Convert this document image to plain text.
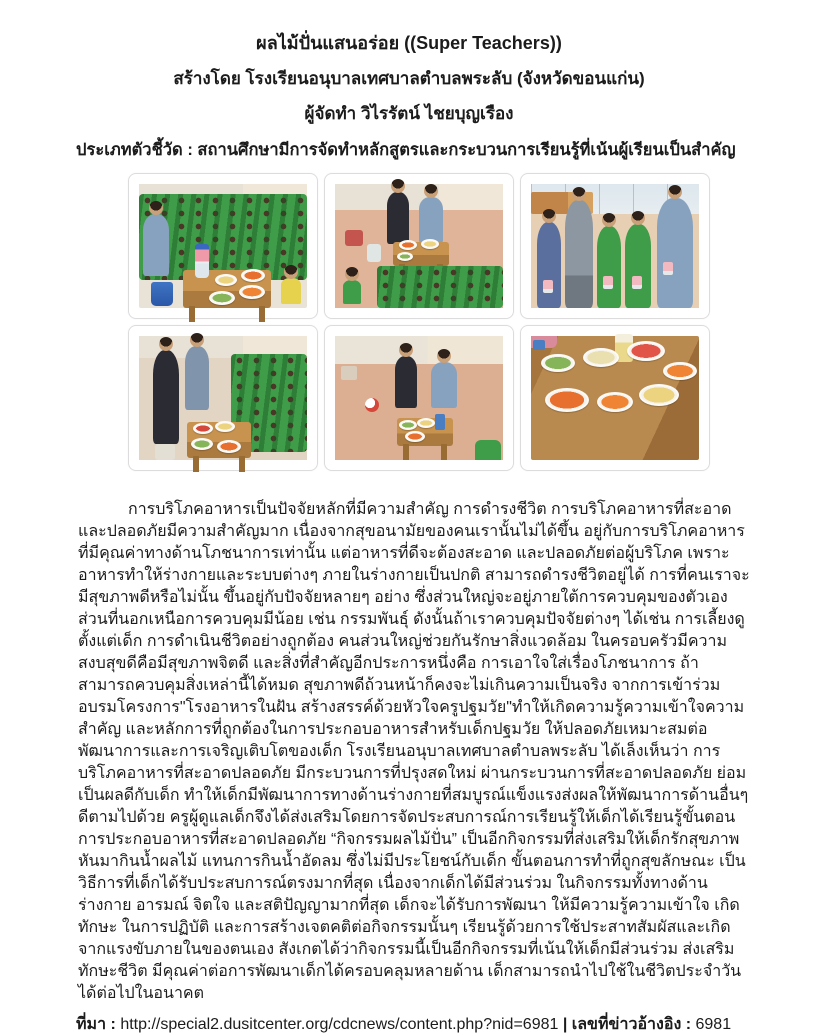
ผลไม้ปั่นแสนอร่อย ((Super Teachers))
สร้างโดย โรงเรียนอนุบาลเทศบาลตำบลพระลับ (จังหวัดขอนแก่น)
ผู้จัดทำ วิไรรัตน์ ไชยบุญเรือง
ประเภทตัวชี้วัด : สถานศึกษามีการจัดทำหลักสูตรและกระบวนการเรียนรู้ที่เน้นผู้เรียนเป็นสำคัญ

การบริโภคอาหารเป็นปัจจัยหลักที่มีความสำคัญ การดำรงชีวิต การบริโภคอาหารที่สะอาด และปลอดภัยมีความสำคัญมาก เนื่องจากสุขอนามัยของคนเรานั้นไม่ได้ขึ้น อยู่กับการบริโภคอาหารที่มีคุณค่าทางด้านโภชนาการเท่านั้น แต่อาหารที่ดีจะต้องสะอาด และปลอดภัยต่อผู้บริโภค เพราะอาหารทำให้ร่างกายและระบบต่างๆ ภายในร่างกายเป็นปกติ สามารถดำรงชีวิตอยู่ได้ การที่คนเราจะมีสุขภาพดีหรือไม่นั้น ขึ้นอยู่กับปัจจัยหลายๆ อย่าง ซึ่งส่วนใหญ่จะอยู่ภายใต้การควบคุมของตัวเอง ส่วนที่นอกเหนือการควบคุมมีน้อย เช่น กรรมพันธุ์ ดังนั้นถ้าเราควบคุมปัจจัยต่างๆ ได้เช่น การเลี้ยงดูตั้งแต่เด็ก การดำเนินชีวิตอย่างถูกต้อง คนส่วนใหญ่ช่วยกันรักษาสิ่งแวดล้อม ในครอบครัวมีความสงบสุขดีคือมีสุขภาพจิตดี และสิ่งที่สำคัญอีกประการหนึ่งคือ การเอาใจใส่เรื่องโภชนาการ ถ้าสามารถควบคุมสิ่งเหล่านี้ได้หมด สุขภาพดีถ้วนหน้าก็คงจะไม่เกินความเป็นจริง จากการเข้าร่วมอบรมโครงการ"โรงอาหารในฝัน สร้างสรรค์ด้วยหัวใจครูปฐมวัย"ทำให้เกิดความรู้ความเข้าใจความสำคัญ และหลักการที่ถูกต้องในการประกอบอาหารสำหรับเด็กปฐมวัย ให้ปลอดภัยเหมาะสมต่อพัฒนาการและการเจริญเติบโตของเด็ก โรงเรียนอนุบาลเทศบาลตำบลพระลับ ได้เล็งเห็นว่า การบริโภคอาหารที่สะอาดปลอดภัย มีกระบวนการที่ปรุงสดใหม่ ผ่านกระบวนการที่สะอาดปลอดภัย ย่อมเป็นผลดีกับเด็ก ทำให้เด็กมีพัฒนาการทางด้านร่างกายที่สมบูรณ์แข็งแรงส่งผลให้พัฒนาการด้านอื่นๆดีตามไปด้วย ครูผู้ดูแลเด็กจึงได้ส่งเสริมโดยการจัดประสบการณ์การเรียนรู้ให้เด็กได้เรียนรู้ขั้นตอนการประกอบอาหารที่สะอาดปลอดภัย “กิจกรรมผลไม้ปั่น” เป็นอีกกิจกรรมที่ส่งเสริมให้เด็กรักสุขภาพหันมากินน้ำผลไม้ แทนการกินน้ำอัดลม ซึ่งไม่มีประโยชน์กับเด็ก ขั้นตอนการทำที่ถูกสุขลักษณะ เป็นวิธีการที่เด็กได้รับประสบการณ์ตรงมากที่สุด เนื่องจากเด็กได้มีส่วนร่วม ในกิจกรรมทั้งทางด้านร่างกาย อารมณ์ จิตใจ และสติปัญญามากที่สุด เด็กจะได้รับการพัฒนา ให้มีความรู้ความเข้าใจ เกิดทักษะ ในการปฏิบัติ และการสร้างเจตคติต่อกิจกรรมนั้นๆ เรียนรู้ด้วยการใช้ประสาทสัมผัสและเกิดจากแรงขับภายในของตนเอง สังเกตได้ว่ากิจกรรมนี้เป็นอีกกิจกรรมที่เน้นให้เด็กมีส่วนร่วม ส่งเสริมทักษะชีวิต มีคุณค่าต่อการพัฒนาเด็กได้ครอบคลุมหลายด้าน เด็กสามารถนำไปใช้ในชีวิตประจำวันได้ต่อไปในอนาคต

ที่มา : http://special2.dusitcenter.org/cdcnews/content.php?nid=6981 | เลขที่ข่าวอ้างอิง : 6981
